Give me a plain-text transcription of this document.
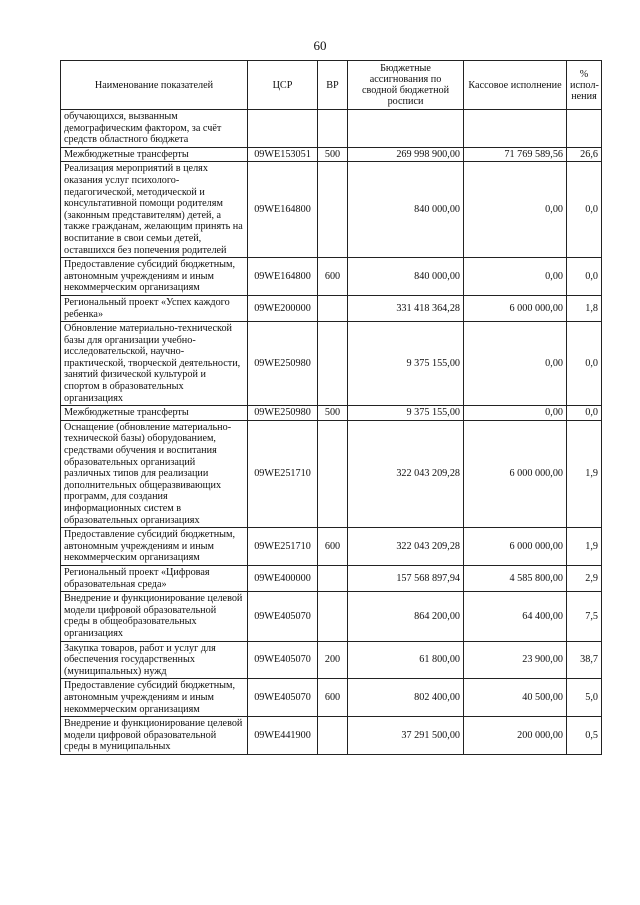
60
Наименование показателей	ЦСР	ВР	Бюджетные ассигнования по сводной бюджетной росписи	Кассовое исполнение	% испол-нения
обучающихся, вызванным демографическим фактором, за счёт средств областного бюджета					
Межбюджетные трансферты	09WE153051	500	269 998 900,00	71 769 589,56	26,6
Реализация мероприятий в целях оказания услуг психолого-педагогической, методической и консультативной помощи родителям (законным представителям) детей, а также гражданам, желающим принять на воспитание в свои семьи детей, оставшихся без попечения родителей	09WE164800		840 000,00	0,00	0,0
Предоставление субсидий бюджетным, автономным учреждениям и иным некоммерческим организациям	09WE164800	600	840 000,00	0,00	0,0
Региональный проект «Успех каждого ребенка»	09WE200000		331 418 364,28	6 000 000,00	1,8
Обновление материально-технической базы для организации учебно-исследовательской, научно-практической, творческой деятельности, занятий физической культурой и спортом в образовательных организациях	09WE250980		9 375 155,00	0,00	0,0
Межбюджетные трансферты	09WE250980	500	9 375 155,00	0,00	0,0
Оснащение (обновление материально-технической базы) оборудованием, средствами обучения и воспитания образовательных организаций различных типов для реализации дополнительных общеразвивающих программ, для создания информационных систем в образовательных организациях	09WE251710		322 043 209,28	6 000 000,00	1,9
Предоставление субсидий бюджетным, автономным учреждениям и иным некоммерческим организациям	09WE251710	600	322 043 209,28	6 000 000,00	1,9
Региональный проект «Цифровая образовательная среда»	09WE400000		157 568 897,94	4 585 800,00	2,9
Внедрение и функционирование целевой модели цифровой образовательной среды в общеобразовательных организациях	09WE405070		864 200,00	64 400,00	7,5
Закупка товаров, работ и услуг для обеспечения государственных (муниципальных) нужд	09WE405070	200	61 800,00	23 900,00	38,7
Предоставление субсидий бюджетным, автономным учреждениям и иным некоммерческим организациям	09WE405070	600	802 400,00	40 500,00	5,0
Внедрение и функционирование целевой модели цифровой образовательной среды в муниципальных	09WE441900		37 291 500,00	200 000,00	0,5
